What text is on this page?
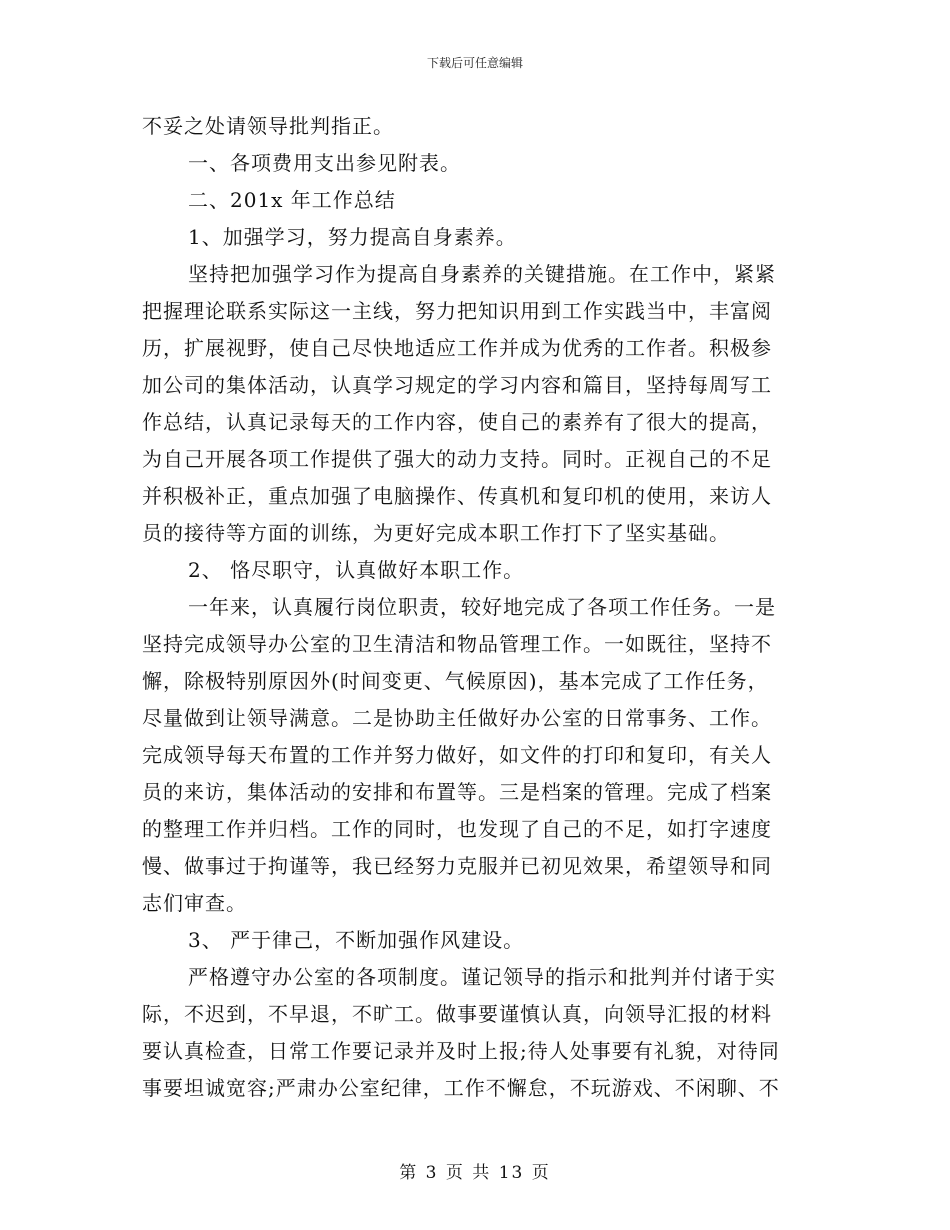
下载后可任意编辑
不妥之处请领导批判指正。
一、各项费用支出参见附表。
二、201x 年工作总结
1、加强学习，努力提高自身素养。
坚持把加强学习作为提高自身素养的关键措施。在工作中，紧紧
把握理论联系实际这一主线，努力把知识用到工作实践当中，丰富阅
历，扩展视野，使自己尽快地适应工作并成为优秀的工作者。积极参
加公司的集体活动，认真学习规定的学习内容和篇目，坚持每周写工
作总结，认真记录每天的工作内容，使自己的素养有了很大的提高，
为自己开展各项工作提供了强大的动力支持。同时。正视自己的不足
并积极补正，重点加强了电脑操作、传真机和复印机的使用，来访人
员的接待等方面的训练，为更好完成本职工作打下了坚实基础。
2、 恪尽职守，认真做好本职工作。
一年来，认真履行岗位职责，较好地完成了各项工作任务。一是
坚持完成领导办公室的卫生清洁和物品管理工作。一如既往，坚持不
懈，除极特别原因外(时间变更、气候原因)，基本完成了工作任务，
尽量做到让领导满意。二是协助主任做好办公室的日常事务、工作。
完成领导每天布置的工作并努力做好，如文件的打印和复印，有关人
员的来访，集体活动的安排和布置等。三是档案的管理。完成了档案
的整理工作并归档。工作的同时，也发现了自己的不足，如打字速度
慢、做事过于拘谨等，我已经努力克服并已初见效果，希望领导和同
志们审查。
3、 严于律己，不断加强作风建设。
严格遵守办公室的各项制度。谨记领导的指示和批判并付诸于实
际，不迟到，不早退，不旷工。做事要谨慎认真，向领导汇报的材料
要认真检查，日常工作要记录并及时上报;待人处事要有礼貌，对待同
事要坦诚宽容;严肃办公室纪律，工作不懈怠，不玩游戏、不闲聊、不
第 3 页 共 13 页
